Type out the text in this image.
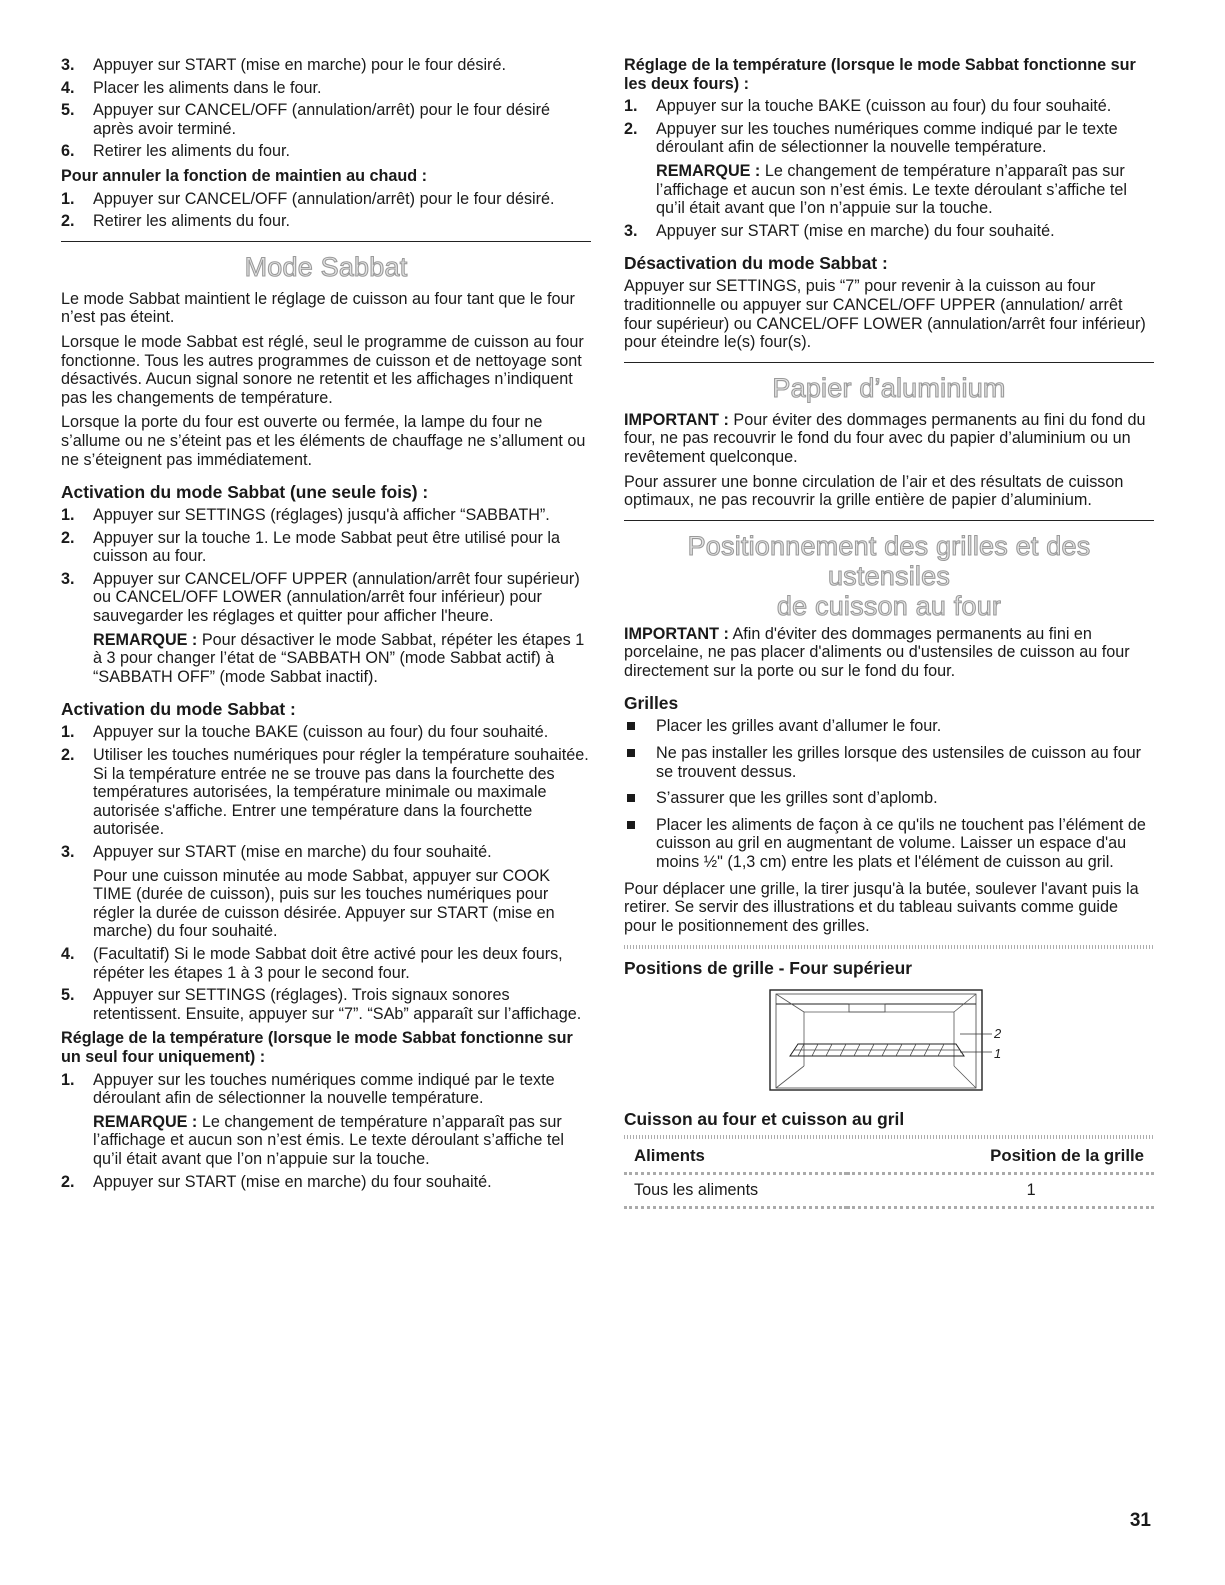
3. Appuyer sur START (mise en marche) pour le four désiré.
4. Placer les aliments dans le four.
5. Appuyer sur CANCEL/OFF (annulation/arrêt) pour le four désiré après avoir terminé.
6. Retirer les aliments du four.
Pour annuler la fonction de maintien au chaud :
1. Appuyer sur CANCEL/OFF (annulation/arrêt) pour le four désiré.
2. Retirer les aliments du four.
Mode Sabbat

Le mode Sabbat maintient le réglage de cuisson au four tant que le four n’est pas éteint.

Lorsque le mode Sabbat est réglé, seul le programme de cuisson au four fonctionne. Tous les autres programmes de cuisson et de nettoyage sont désactivés. Aucun signal sonore ne retentit et les affichages n’indiquent pas les changements de température.

Lorsque la porte du four est ouverte ou fermée, la lampe du four ne s’allume ou ne s’éteint pas et les éléments de chauffage ne s’allument ou ne s’éteignent pas immédiatement.

Activation du mode Sabbat (une seule fois) :
1. Appuyer sur SETTINGS (réglages) jusqu'à afficher “SABBATH”.
2. Appuyer sur la touche 1. Le mode Sabbat peut être utilisé pour la cuisson au four.
3. Appuyer sur CANCEL/OFF UPPER (annulation/arrêt four supérieur) ou CANCEL/OFF LOWER (annulation/arrêt four inférieur) pour sauvegarder les réglages et quitter pour afficher l'heure.
REMARQUE : Pour désactiver le mode Sabbat, répéter les étapes 1 à 3 pour changer l’état de “SABBATH ON” (mode Sabbat actif) à “SABBATH OFF” (mode Sabbat inactif).
Activation du mode Sabbat :
1. Appuyer sur la touche BAKE (cuisson au four) du four souhaité.
2. Utiliser les touches numériques pour régler la température souhaitée. Si la température entrée ne se trouve pas dans la fourchette des températures autorisées, la température minimale ou maximale autorisée s'affiche. Entrer une température dans la fourchette autorisée.
3. Appuyer sur START (mise en marche) du four souhaité.
Pour une cuisson minutée au mode Sabbat, appuyer sur COOK TIME (durée de cuisson), puis sur les touches numériques pour régler la durée de cuisson désirée. Appuyer sur START (mise en marche) du four souhaité.
4. (Facultatif) Si le mode Sabbat doit être activé pour les deux fours, répéter les étapes 1 à 3 pour le second four.
5. Appuyer sur SETTINGS (réglages). Trois signaux sonores retentissent. Ensuite, appuyer sur “7”. “SAb” apparaît sur l’affichage.
Réglage de la température (lorsque le mode Sabbat fonctionne sur un seul four uniquement) :
1. Appuyer sur les touches numériques comme indiqué par le texte déroulant afin de sélectionner la nouvelle température.
REMARQUE : Le changement de température n’apparaît pas sur l’affichage et aucun son n’est émis. Le texte déroulant s’affiche tel qu’il était avant que l’on n’appuie sur la touche.
2. Appuyer sur START (mise en marche) du four souhaité.
Réglage de la température (lorsque le mode Sabbat fonctionne sur les deux fours) :
1. Appuyer sur la touche BAKE (cuisson au four) du four souhaité.
2. Appuyer sur les touches numériques comme indiqué par le texte déroulant afin de sélectionner la nouvelle température.
REMARQUE : Le changement de température n’apparaît pas sur l’affichage et aucun son n’est émis. Le texte déroulant s’affiche tel qu’il était avant que l’on n’appuie sur la touche.
3. Appuyer sur START (mise en marche) du four souhaité.
Désactivation du mode Sabbat :

Appuyer sur SETTINGS, puis “7” pour revenir à la cuisson au four traditionnelle ou appuyer sur CANCEL/OFF UPPER (annulation/ arrêt four supérieur) ou CANCEL/OFF LOWER (annulation/arrêt four inférieur) pour éteindre le(s) four(s).

Papier d’aluminium

IMPORTANT : Pour éviter des dommages permanents au fini du fond du four, ne pas recouvrir le fond du four avec du papier d’aluminium ou un revêtement quelconque.

Pour assurer une bonne circulation de l’air et des résultats de cuisson optimaux, ne pas recouvrir la grille entière de papier d’aluminium.

Positionnement des grilles et des ustensiles
de cuisson au four

IMPORTANT : Afin d'éviter des dommages permanents au fini en porcelaine, ne pas placer d'aliments ou d'ustensiles de cuisson au four directement sur la porte ou sur le fond du four.

Grilles
Placer les grilles avant d’allumer le four.
Ne pas installer les grilles lorsque des ustensiles de cuisson au four se trouvent dessus.
S’assurer que les grilles sont d’aplomb.
Placer les aliments de façon à ce qu'ils ne touchent pas l’élément de cuisson au gril en augmentant de volume. Laisser un espace d'au moins ½" (1,3 cm) entre les plats et l'élément de cuisson au gril.

Pour déplacer une grille, la tirer jusqu'à la butée, soulever l'avant puis la retirer. Se servir des illustrations et du tableau suivants comme guide pour le positionnement des grilles.

Positions de grille - Four supérieur
2
1
Cuisson au four et cuisson au gril
Aliments	Position de la grille
Tous les aliments	1
31
